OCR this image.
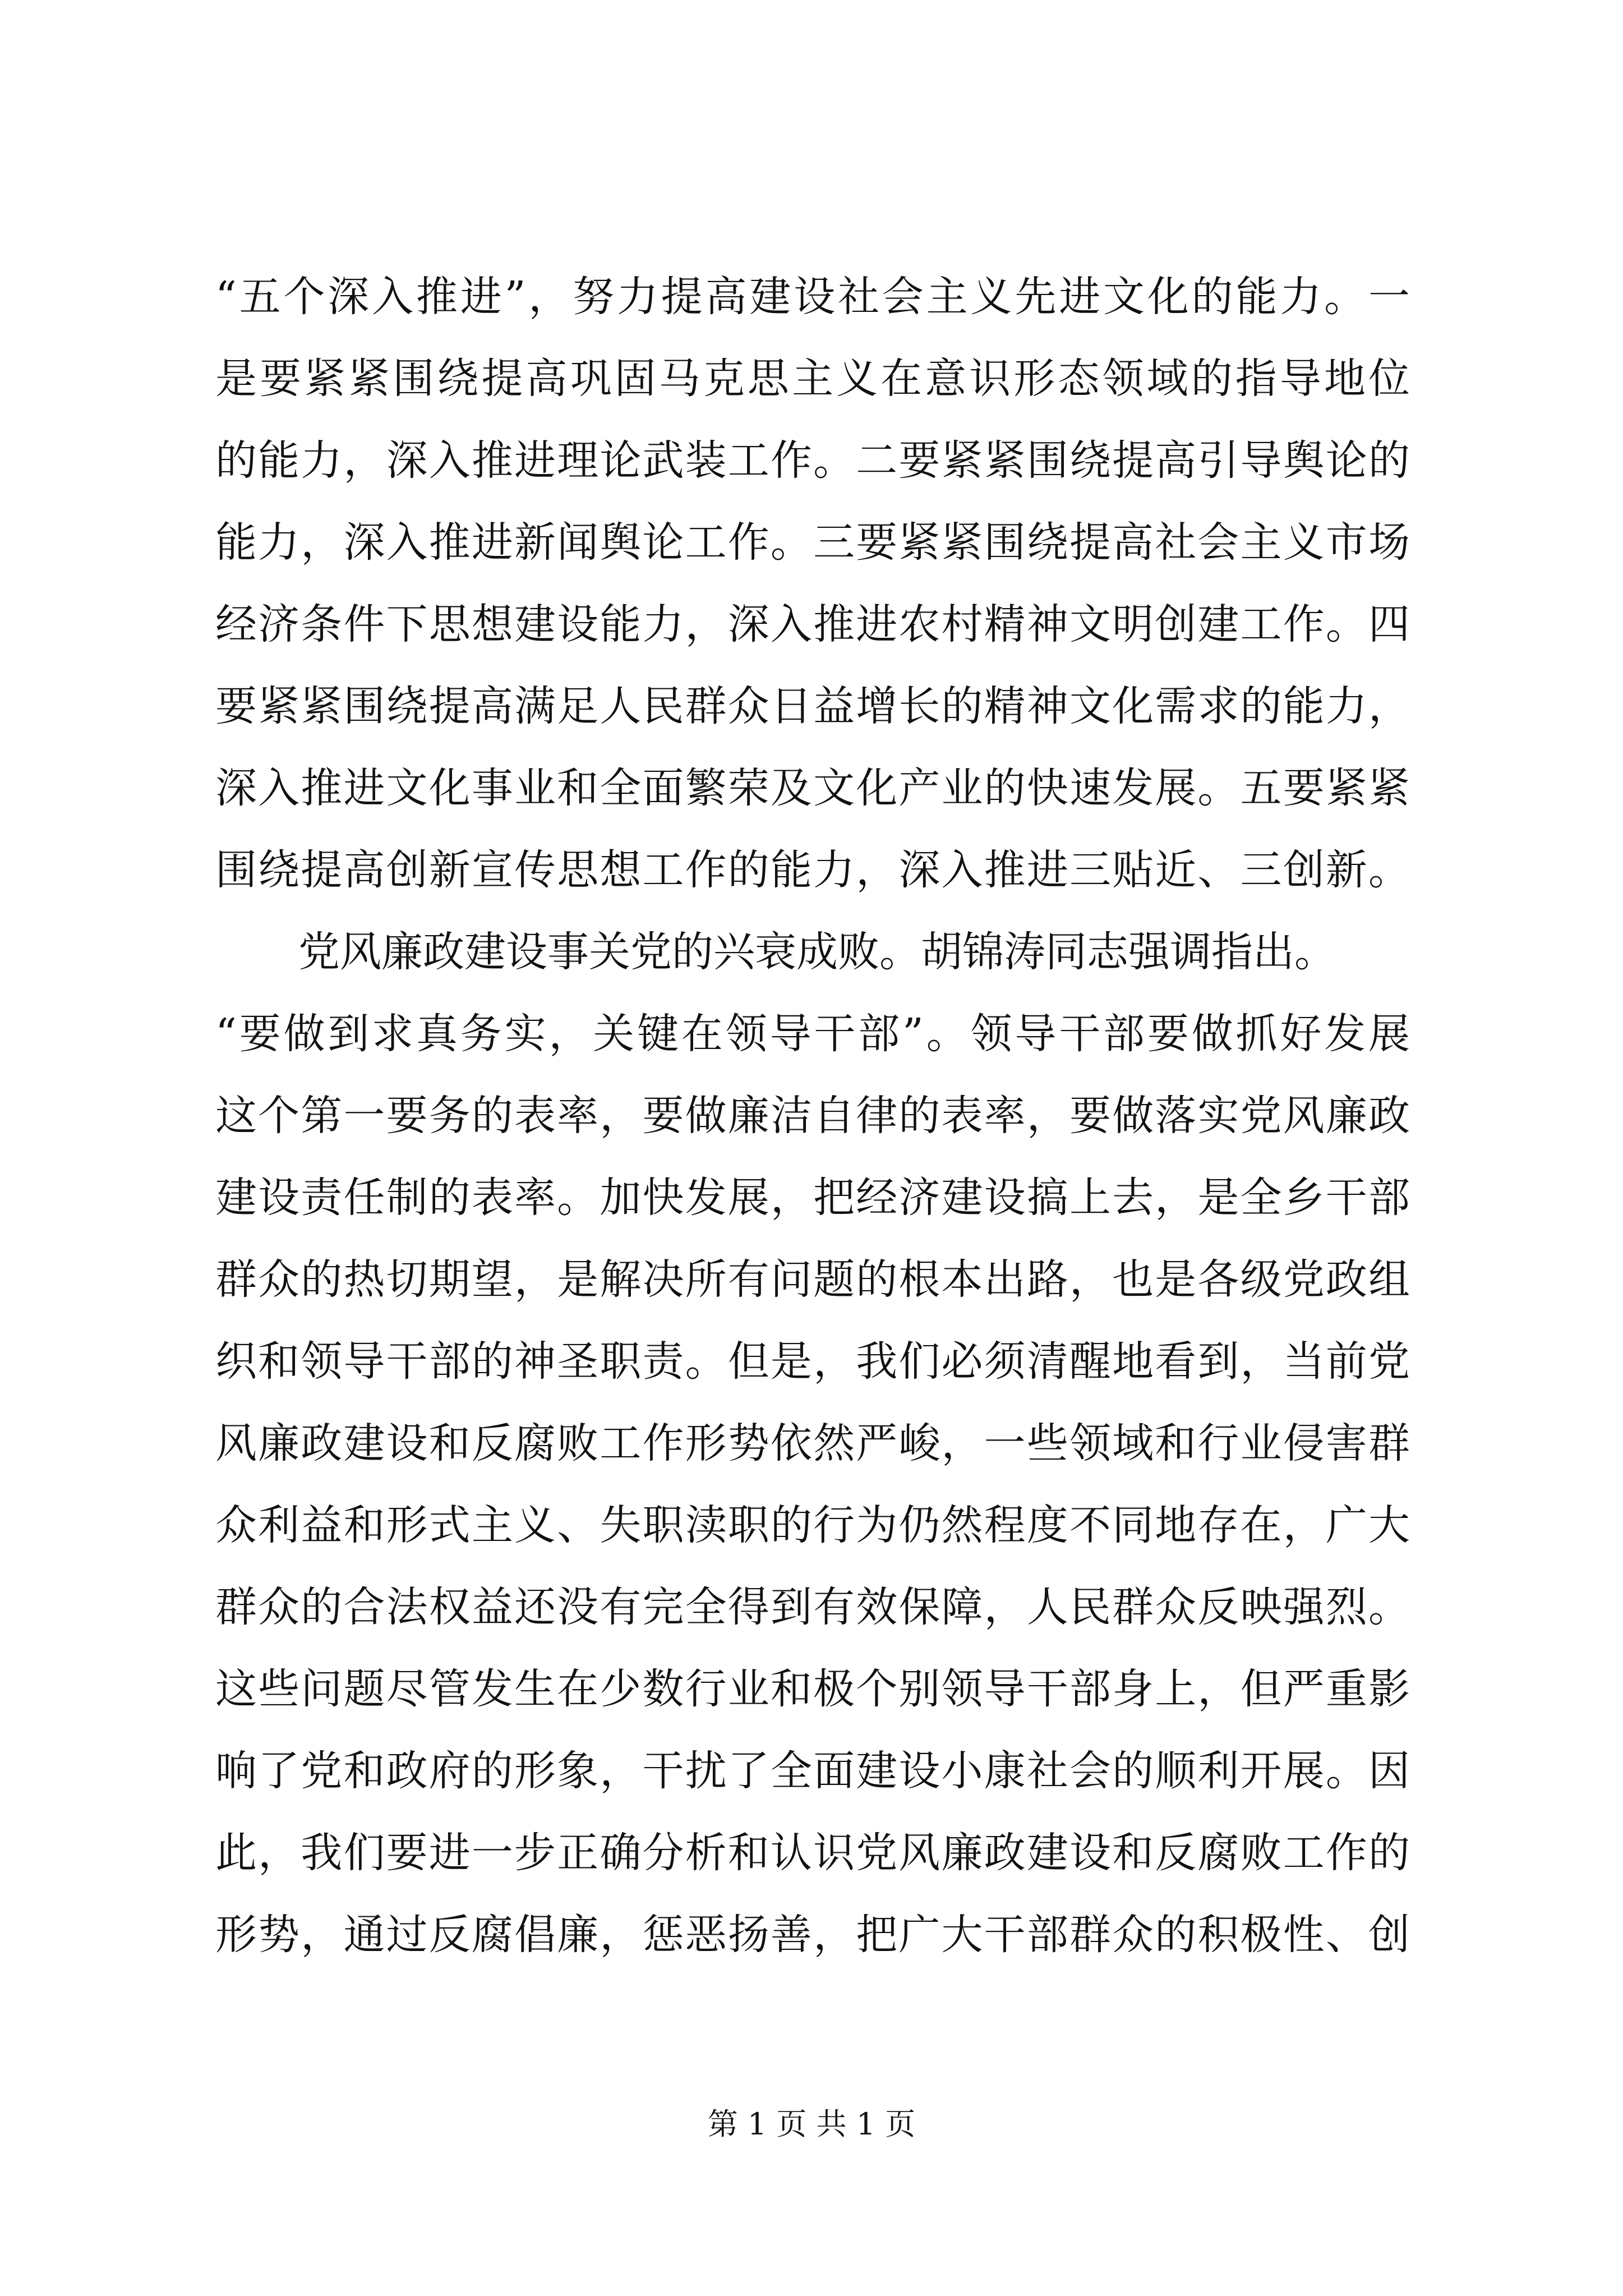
“五个深入推进”，努力提高建设社会主义先进文化的能力。一
是要紧紧围绕提高巩固马克思主义在意识形态领域的指导地位
的能力，深入推进理论武装工作。二要紧紧围绕提高引导舆论的
能力，深入推进新闻舆论工作。三要紧紧围绕提高社会主义市场
经济条件下思想建设能力，深入推进农村精神文明创建工作。四
要紧紧围绕提高满足人民群众日益增长的精神文化需求的能力，
深入推进文化事业和全面繁荣及文化产业的快速发展。五要紧紧
围绕提高创新宣传思想工作的能力，深入推进三贴近、三创新。
党风廉政建设事关党的兴衰成败。胡锦涛同志强调指出。
“要做到求真务实，关键在领导干部”。领导干部要做抓好发展
这个第一要务的表率，要做廉洁自律的表率，要做落实党风廉政
建设责任制的表率。加快发展，把经济建设搞上去，是全乡干部
群众的热切期望，是解决所有问题的根本出路，也是各级党政组
织和领导干部的神圣职责。但是，我们必须清醒地看到，当前党
风廉政建设和反腐败工作形势依然严峻，一些领域和行业侵害群
众利益和形式主义、失职渎职的行为仍然程度不同地存在，广大
群众的合法权益还没有完全得到有效保障，人民群众反映强烈。
这些问题尽管发生在少数行业和极个别领导干部身上，但严重影
响了党和政府的形象，干扰了全面建设小康社会的顺利开展。因
此，我们要进一步正确分析和认识党风廉政建设和反腐败工作的
形势，通过反腐倡廉，惩恶扬善，把广大干部群众的积极性、创
第 1 页 共 1 页
